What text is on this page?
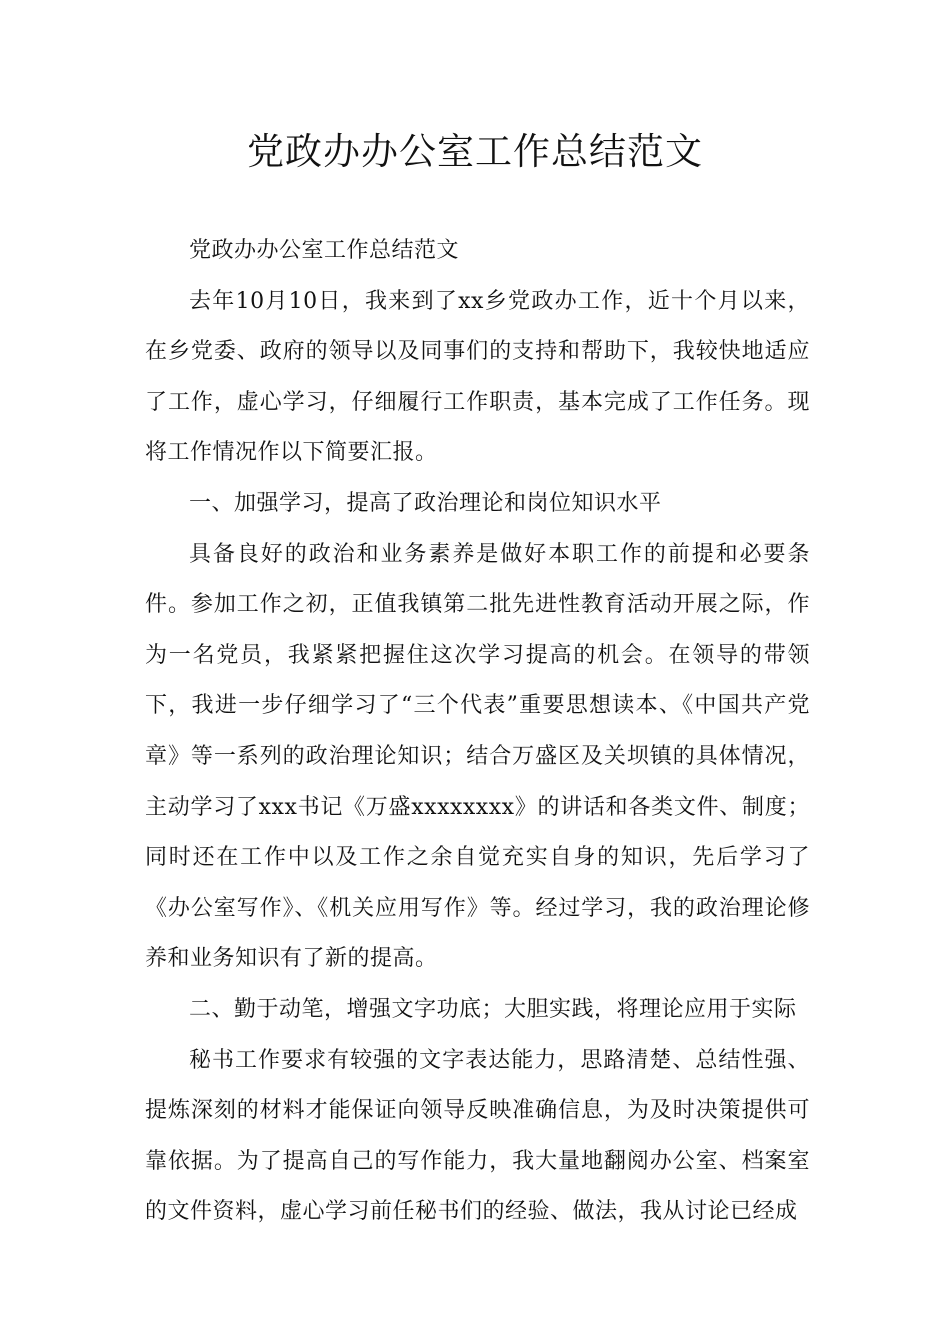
党政办办公室工作总结范文

党政办办公室工作总结范文

去年10月10日，我来到了xx乡党政办工作，近十个月以来，在乡党委、政府的领导以及同事们的支持和帮助下，我较快地适应了工作，虚心学习，仔细履行工作职责，基本完成了工作任务。现将工作情况作以下简要汇报。

一、加强学习，提高了政治理论和岗位知识水平

具备良好的政治和业务素养是做好本职工作的前提和必要条件。参加工作之初，正值我镇第二批先进性教育活动开展之际，作为一名党员，我紧紧把握住这次学习提高的机会。在领导的带领下，我进一步仔细学习了“三个代表”重要思想读本、《中国共产党章》等一系列的政治理论知识；结合万盛区及关坝镇的具体情况，主动学习了xxx书记《万盛xxxxxxxx》的讲话和各类文件、制度；同时还在工作中以及工作之余自觉充实自身的知识，先后学习了《办公室写作》、《机关应用写作》等。经过学习，我的政治理论修养和业务知识有了新的提高。

二、勤于动笔，增强文字功底；大胆实践，将理论应用于实际

秘书工作要求有较强的文字表达能力，思路清楚、总结性强、提炼深刻的材料才能保证向领导反映准确信息，为及时决策提供可靠依据。为了提高自己的写作能力，我大量地翻阅办公室、档案室的文件资料，虚心学习前任秘书们的经验、做法，我从讨论已经成
